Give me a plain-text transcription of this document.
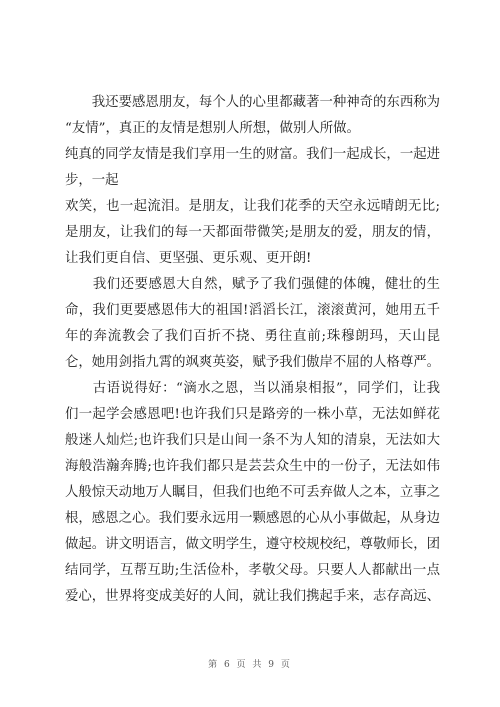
　　我还要感恩朋友，每个人的心里都藏著一种神奇的东西称为
“友情”，真正的友情是想别人所想，做别人所做。
纯真的同学友情是我们享用一生的财富。我们一起成长，一起进
步，一起
欢笑，也一起流泪。是朋友，让我们花季的天空永远晴朗无比;
是朋友，让我们的每一天都面带微笑;是朋友的爱，朋友的情，
让我们更自信、更坚强、更乐观、更开朗!
　　我们还要感恩大自然，赋予了我们强健的体魄，健壮的生
命，我们更要感恩伟大的祖国!滔滔长江，滚滚黄河，她用五千
年的奔流教会了我们百折不挠、勇往直前;珠穆朗玛，天山昆
仑，她用剑指九霄的飒爽英姿，赋予我们傲岸不屈的人格尊严。
　　古语说得好：“滴水之恩，当以涌泉相报”，同学们，让我
们一起学会感恩吧!也许我们只是路旁的一株小草，无法如鲜花
般迷人灿烂;也许我们只是山间一条不为人知的清泉，无法如大
海般浩瀚奔腾;也许我们都只是芸芸众生中的一份子，无法如伟
人般惊天动地万人瞩目，但我们也绝不可丢弃做人之本，立事之
根，感恩之心。我们要永远用一颗感恩的心从小事做起，从身边
做起。讲文明语言，做文明学生，遵守校规校纪，尊敬师长，团
结同学，互帮互助;生活俭朴，孝敬父母。只要人人都献出一点
爱心，世界将变成美好的人间，就让我们携起手来，志存高远、
第 6 页 共 9 页
